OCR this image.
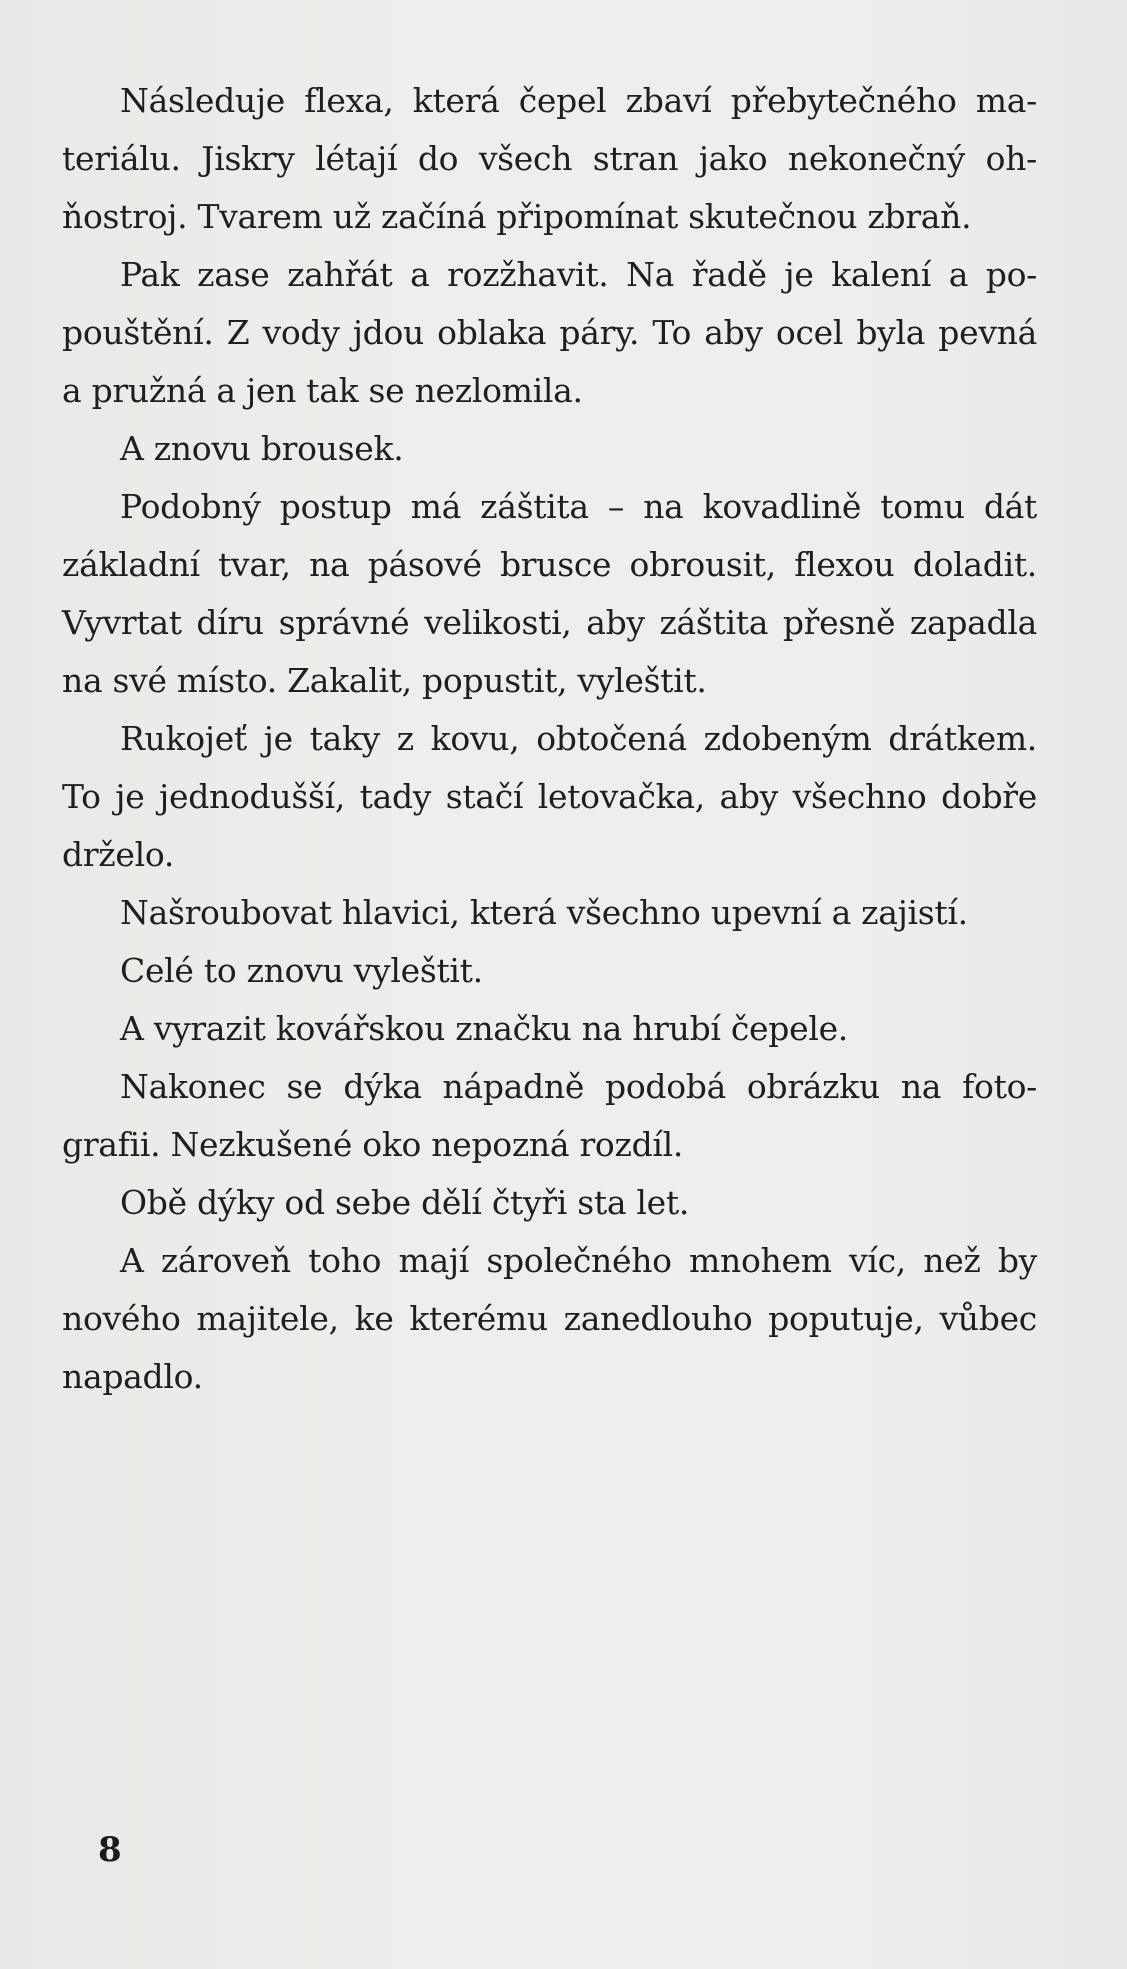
Následuje flexa, která čepel zbaví přebytečného ma-
teriálu. Jiskry létají do všech stran jako nekonečný oh-
ňostroj. Tvarem už začíná připomínat skutečnou zbraň.
Pak zase zahřát a rozžhavit. Na řadě je kalení a po-
pouštění. Z vody jdou oblaka páry. To aby ocel byla pevná
a pružná a jen tak se nezlomila.
A znovu brousek.
Podobný postup má záštita – na kovadlině tomu dát
základní tvar, na pásové brusce obrousit, flexou doladit.
Vyvrtat díru správné velikosti, aby záštita přesně zapadla
na své místo. Zakalit, popustit, vyleštit.
Rukojeť je taky z kovu, obtočená zdobeným drátkem.
To je jednodušší, tady stačí letovačka, aby všechno dobře
drželo.
Našroubovat hlavici, která všechno upevní a zajistí.
Celé to znovu vyleštit.
A vyrazit kovářskou značku na hrubí čepele.
Nakonec se dýka nápadně podobá obrázku na foto-
grafii. Nezkušené oko nepozná rozdíl.
Obě dýky od sebe dělí čtyři sta let.
A zároveň toho mají společného mnohem víc, než by
nového majitele, ke kterému zanedlouho poputuje, vůbec
napadlo.
8
